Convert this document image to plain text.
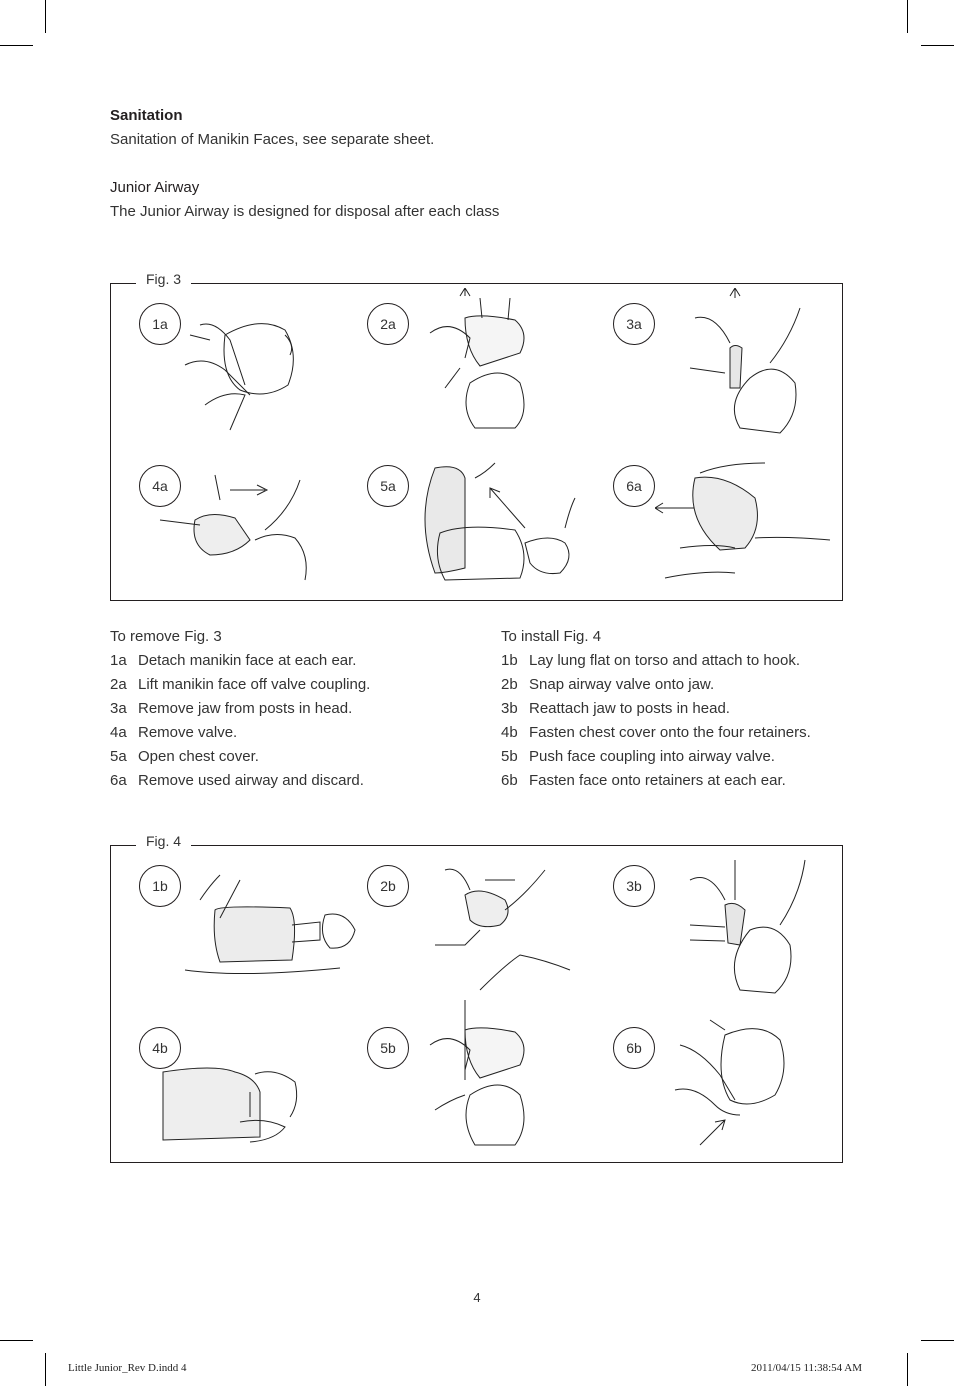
Sanitation
Sanitation of Manikin Faces, see separate sheet.
Junior Airway
The Junior Airway is designed for disposal after each class
Fig. 3
1a	2a	3a
4a	5a	6a
To remove Fig. 3
1a Detach manikin face at each ear.
2a Lift manikin face off valve coupling.
3a Remove jaw from posts in head.
4a Remove valve.
5a Open chest cover.
6a Remove used airway and discard.
To install Fig. 4
1b Lay lung flat on torso and attach to hook.
2b Snap airway valve onto jaw.
3b Reattach jaw to posts in head.
4b Fasten chest cover onto the four retainers.
5b Push face coupling into airway valve.
6b Fasten face onto retainers at each ear.
Fig. 4
1b	2b	3b
4b	5b	6b
4
Little Junior_Rev D.indd 4	2011/04/15 11:38:54 AM
